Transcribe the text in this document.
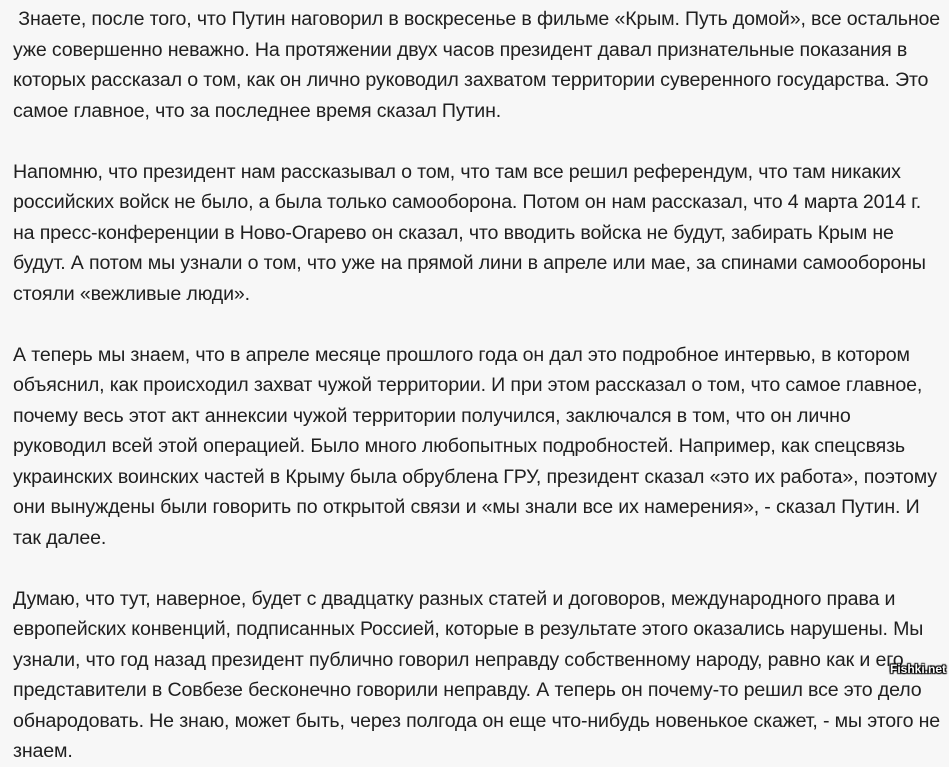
Знаете, после того, что Путин наговорил в воскресенье в фильме «Крым. Путь домой», все остальное уже совершенно неважно. На протяжении двух часов президент давал признательные показания в которых рассказал о том, как он лично руководил захватом территории суверенного государства. Это самое главное, что за последнее время сказал Путин.

Напомню, что президент нам рассказывал о том, что там все решил референдум, что там никаких российских войск не было, а была только самооборона. Потом он нам рассказал, что 4 марта 2014 г. на пресс-конференции в Ново-Огарево он сказал, что вводить войска не будут, забирать Крым не будут. А потом мы узнали о том, что уже на прямой лини в апреле или мае, за спинами самообороны стояли «вежливые люди».

А теперь мы знаем, что в апреле месяце прошлого года он дал это подробное интервью, в котором объяснил, как происходил захват чужой территории. И при этом рассказал о том, что самое главное, почему весь этот акт аннексии чужой территории получился, заключался в том, что он лично руководил всей этой операцией. Было много любопытных подробностей. Например, как спецсвязь украинских воинских частей в Крыму была обрублена ГРУ, президент сказал «это их работа», поэтому они вынуждены были говорить по открытой связи и «мы знали все их намерения», - сказал Путин. И так далее.

Думаю, что тут, наверное, будет с двадцатку разных статей и договоров, международного права и европейских конвенций, подписанных Россией, которые в результате этого оказались нарушены. Мы узнали, что год назад президент публично говорил неправду собственному народу, равно как и его представители в Совбезе бесконечно говорили неправду. А теперь он почему-то решил все это дело обнародовать. Не знаю, может быть, через полгода он еще что-нибудь новенькое скажет, - мы этого не знаем.

Fishki.net
